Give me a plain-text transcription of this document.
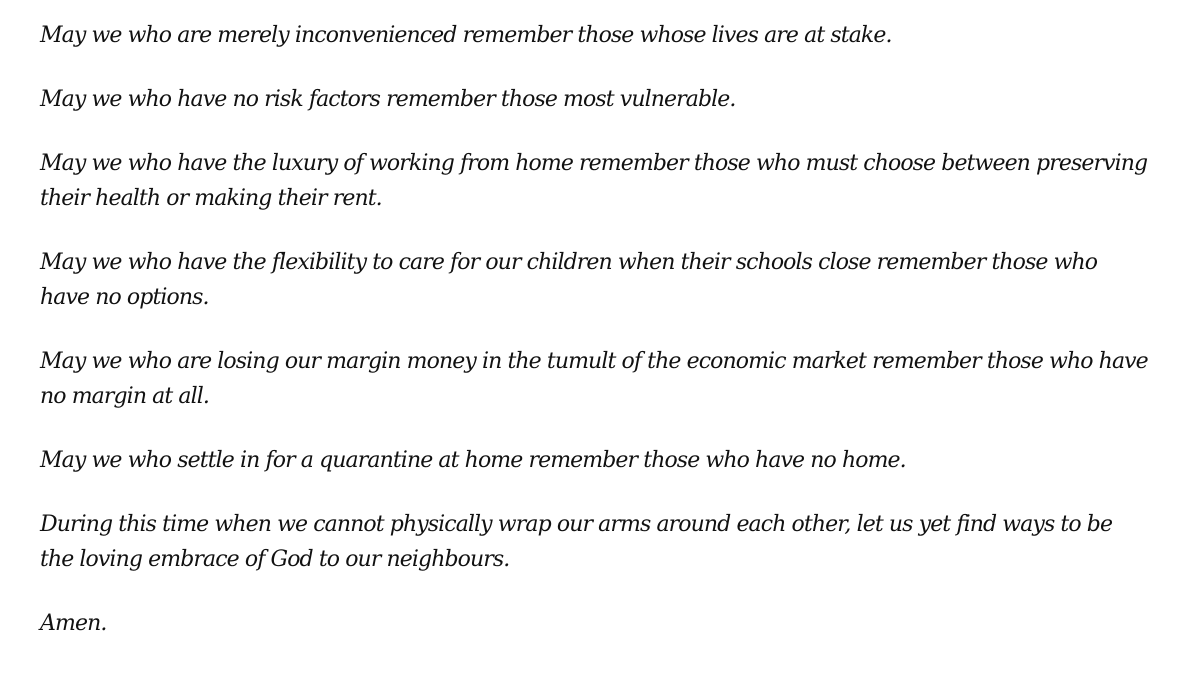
May we who are merely inconvenienced remember those whose lives are at stake.

May we who have no risk factors remember those most vulnerable.

May we who have the luxury of working from home remember those who must choose between preserving their health or making their rent.

May we who have the flexibility to care for our children when their schools close remember those who have no options.

May we who are losing our margin money in the tumult of the economic market remember those who have no margin at all.

May we who settle in for a quarantine at home remember those who have no home.

During this time when we cannot physically wrap our arms around each other, let us yet find ways to be the loving embrace of God to our neighbours.

Amen.
